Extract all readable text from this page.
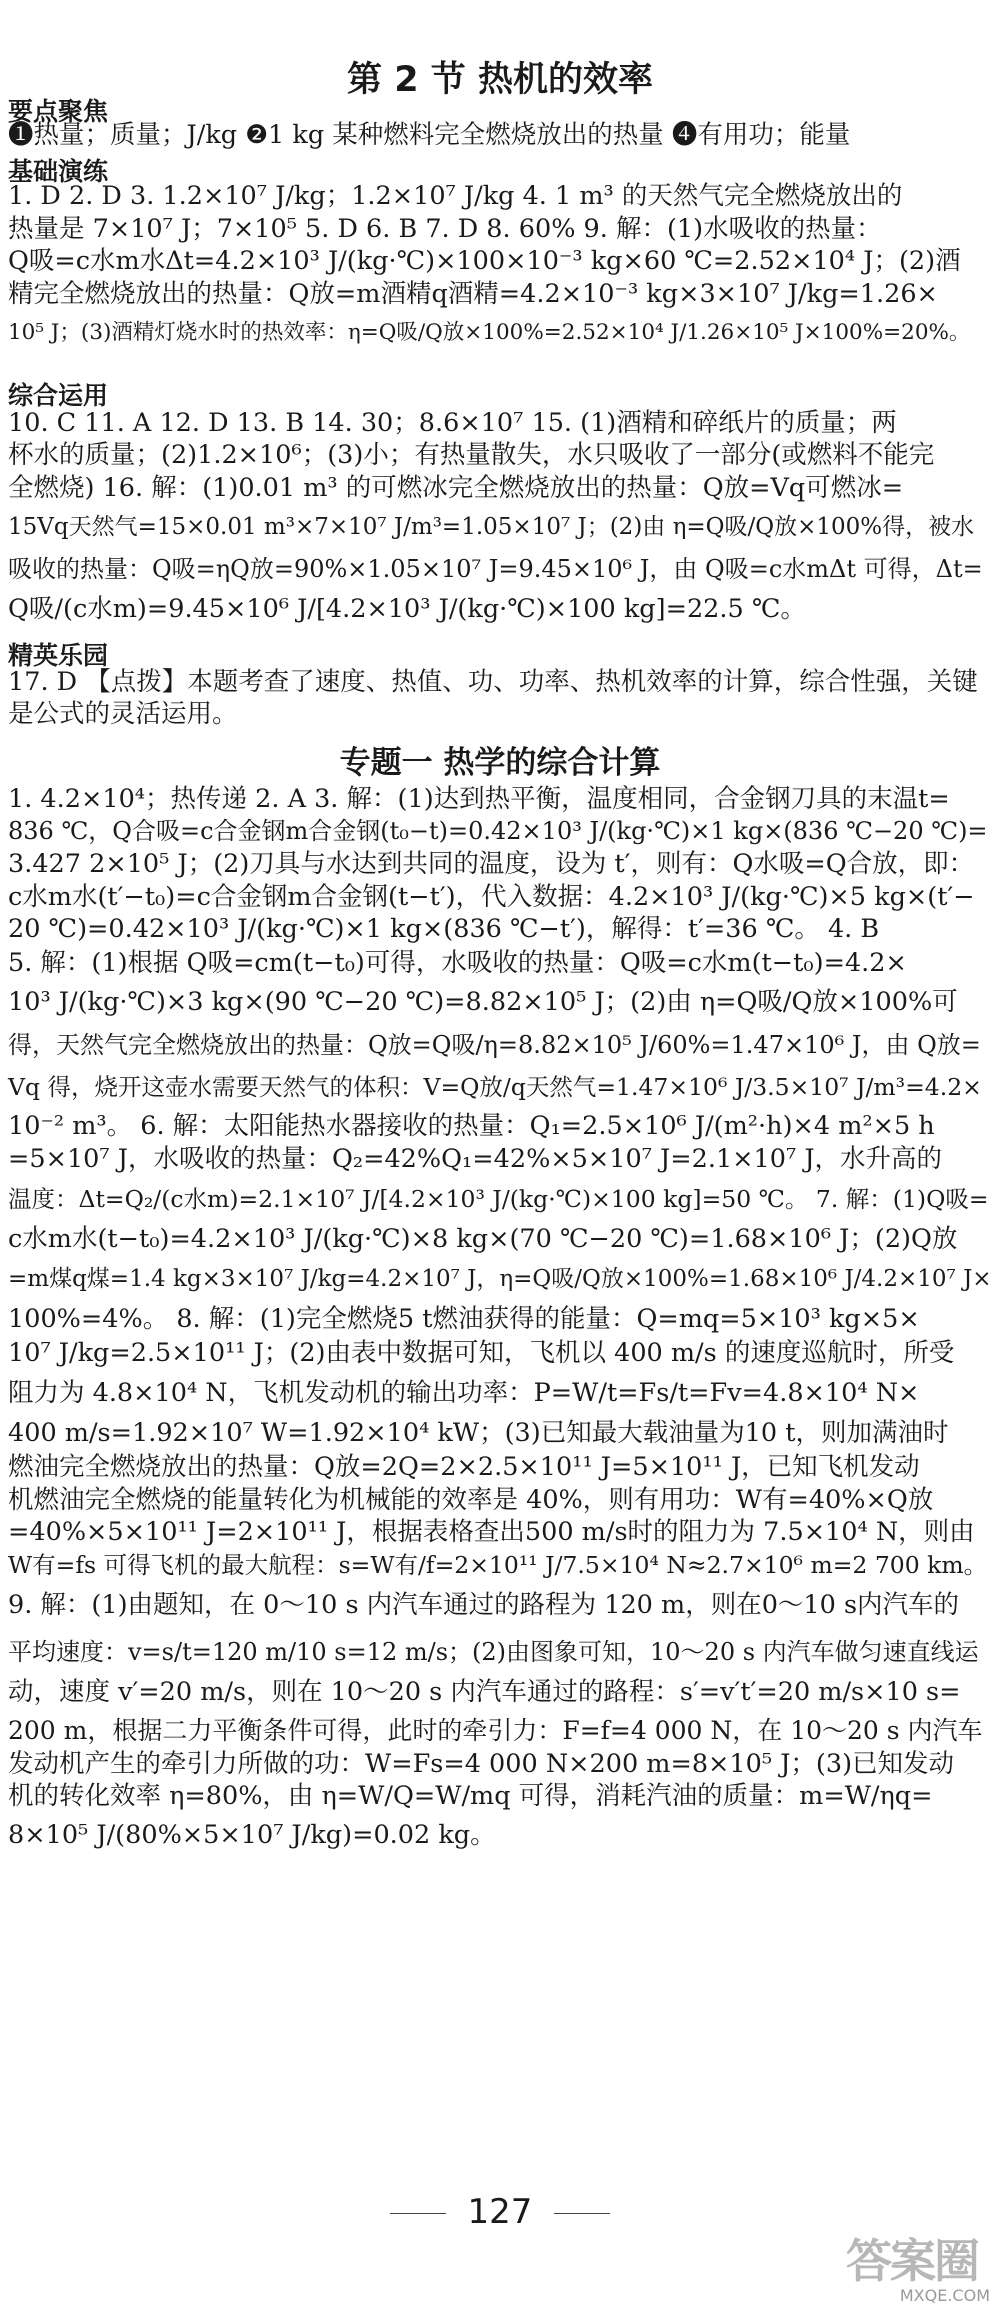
第 2 节 热机的效率
要点聚焦
❶热量；质量；J/kg ❷1 kg 某种燃料完全燃烧放出的热量 ❹有用功；能量
基础演练
1. D 2. D 3. 1.2×10⁷ J/kg；1.2×10⁷ J/kg 4. 1 m³ 的天然气完全燃烧放出的
热量是 7×10⁷ J；7×10⁵ 5. D 6. B 7. D 8. 60% 9. 解：(1)水吸收的热量：
Q吸=c水m水Δt=4.2×10³ J/(kg·℃)×100×10⁻³ kg×60 ℃=2.52×10⁴ J；(2)酒
精完全燃烧放出的热量：Q放=m酒精q酒精=4.2×10⁻³ kg×3×10⁷ J/kg=1.26×
10⁵ J；(3)酒精灯烧水时的热效率：η=Q吸/Q放×100%=2.52×10⁴ J/1.26×10⁵ J×100%=20%。
综合运用
10. C 11. A 12. D 13. B 14. 30；8.6×10⁷ 15. (1)酒精和碎纸片的质量；两
杯水的质量；(2)1.2×10⁶；(3)小；有热量散失，水只吸收了一部分(或燃料不能完
全燃烧) 16. 解：(1)0.01 m³ 的可燃冰完全燃烧放出的热量：Q放=Vq可燃冰=
15Vq天然气=15×0.01 m³×7×10⁷ J/m³=1.05×10⁷ J；(2)由 η=Q吸/Q放×100%得，被水
吸收的热量：Q吸=ηQ放=90%×1.05×10⁷ J=9.45×10⁶ J，由 Q吸=c水mΔt 可得，Δt=
Q吸/(c水m)=9.45×10⁶ J/[4.2×10³ J/(kg·℃)×100 kg]=22.5 ℃。
精英乐园
17. D 【点拨】本题考查了速度、热值、功、功率、热机效率的计算，综合性强，关键
是公式的灵活运用。
专题一 热学的综合计算
1. 4.2×10⁴；热传递 2. A 3. 解：(1)达到热平衡，温度相同，合金钢刀具的末温t=
836 ℃，Q合吸=c合金钢m合金钢(t₀−t)=0.42×10³ J/(kg·℃)×1 kg×(836 ℃−20 ℃)=
3.427 2×10⁵ J；(2)刀具与水达到共同的温度，设为 t′，则有：Q水吸=Q合放，即：
c水m水(t′−t₀)=c合金钢m合金钢(t−t′)，代入数据：4.2×10³ J/(kg·℃)×5 kg×(t′−
20 ℃)=0.42×10³ J/(kg·℃)×1 kg×(836 ℃−t′)，解得：t′=36 ℃。 4. B
5. 解：(1)根据 Q吸=cm(t−t₀)可得，水吸收的热量：Q吸=c水m(t−t₀)=4.2×
10³ J/(kg·℃)×3 kg×(90 ℃−20 ℃)=8.82×10⁵ J；(2)由 η=Q吸/Q放×100%可
得，天然气完全燃烧放出的热量：Q放=Q吸/η=8.82×10⁵ J/60%=1.47×10⁶ J，由 Q放=
Vq 得，烧开这壶水需要天然气的体积：V=Q放/q天然气=1.47×10⁶ J/3.5×10⁷ J/m³=4.2×
10⁻² m³。 6. 解：太阳能热水器接收的热量：Q₁=2.5×10⁶ J/(m²·h)×4 m²×5 h
=5×10⁷ J，水吸收的热量：Q₂=42%Q₁=42%×5×10⁷ J=2.1×10⁷ J，水升高的
温度：Δt=Q₂/(c水m)=2.1×10⁷ J/[4.2×10³ J/(kg·℃)×100 kg]=50 ℃。 7. 解：(1)Q吸=
c水m水(t−t₀)=4.2×10³ J/(kg·℃)×8 kg×(70 ℃−20 ℃)=1.68×10⁶ J；(2)Q放
=m煤q煤=1.4 kg×3×10⁷ J/kg=4.2×10⁷ J，η=Q吸/Q放×100%=1.68×10⁶ J/4.2×10⁷ J×
100%=4%。 8. 解：(1)完全燃烧5 t燃油获得的能量：Q=mq=5×10³ kg×5×
10⁷ J/kg=2.5×10¹¹ J；(2)由表中数据可知，飞机以 400 m/s 的速度巡航时，所受
阻力为 4.8×10⁴ N，飞机发动机的输出功率：P=W/t=Fs/t=Fv=4.8×10⁴ N×
400 m/s=1.92×10⁷ W=1.92×10⁴ kW；(3)已知最大载油量为10 t，则加满油时
燃油完全燃烧放出的热量：Q放=2Q=2×2.5×10¹¹ J=5×10¹¹ J，已知飞机发动
机燃油完全燃烧的能量转化为机械能的效率是 40%，则有用功：W有=40%×Q放
=40%×5×10¹¹ J=2×10¹¹ J，根据表格查出500 m/s时的阻力为 7.5×10⁴ N，则由
W有=fs 可得飞机的最大航程：s=W有/f=2×10¹¹ J/7.5×10⁴ N≈2.7×10⁶ m=2 700 km。
9. 解：(1)由题知，在 0～10 s 内汽车通过的路程为 120 m，则在0～10 s内汽车的
平均速度：v=s/t=120 m/10 s=12 m/s；(2)由图象可知，10～20 s 内汽车做匀速直线运
动，速度 v′=20 m/s，则在 10～20 s 内汽车通过的路程：s′=v′t′=20 m/s×10 s=
200 m，根据二力平衡条件可得，此时的牵引力：F=f=4 000 N，在 10～20 s 内汽车
发动机产生的牵引力所做的功：W=Fs=4 000 N×200 m=8×10⁵ J；(3)已知发动
机的转化效率 η=80%，由 η=W/Q=W/mq 可得，消耗汽油的质量：m=W/ηq=
8×10⁵ J/(80%×5×10⁷ J/kg)=0.02 kg。
127
答案圈
MXQE.COM
